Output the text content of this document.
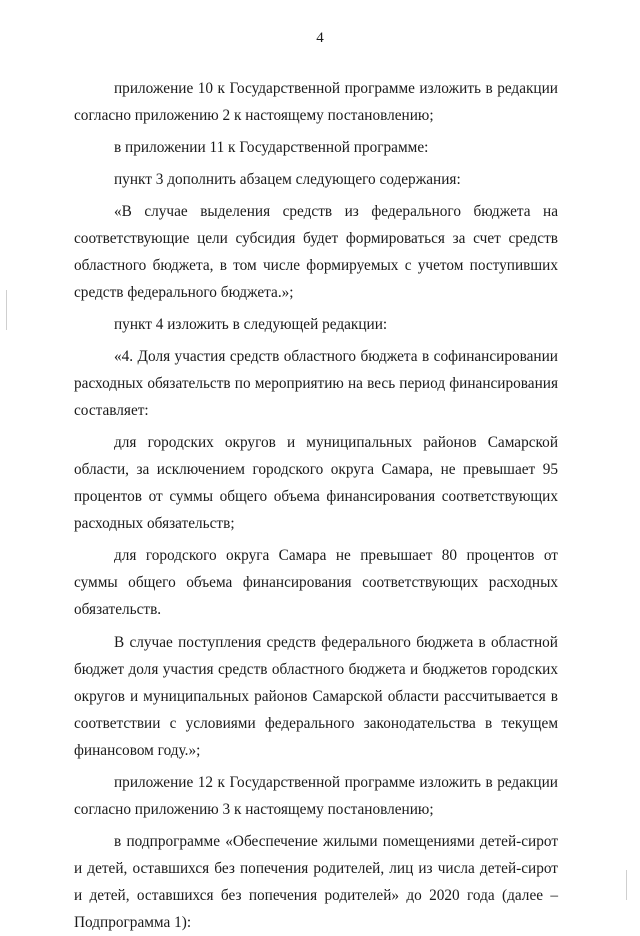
4

приложение 10 к Государственной программе изложить в редакции согласно приложению 2 к настоящему постановлению;

в приложении 11 к Государственной программе:

пункт 3 дополнить абзацем следующего содержания:

«В случае выделения средств из федерального бюджета на соответствующие цели субсидия будет формироваться за счет средств областного бюджета, в том числе формируемых с учетом поступивших средств федерального бюджета.»;

пункт 4 изложить в следующей редакции:

«4. Доля участия средств областного бюджета в софинансировании расходных обязательств по мероприятию на весь период финансирования составляет:

для городских округов и муниципальных районов Самарской области, за исключением городского округа Самара, не превышает 95 процентов от суммы общего объема финансирования соответствующих расходных обязательств;

для городского округа Самара не превышает 80 процентов от суммы общего объема финансирования соответствующих расходных обязательств.

В случае поступления средств федерального бюджета в областной бюджет доля участия средств областного бюджета и бюджетов городских округов и муниципальных районов Самарской области рассчитывается в соответствии с условиями федерального законодательства в текущем финансовом году.»;

приложение 12 к Государственной программе изложить в редакции согласно приложению 3 к настоящему постановлению;

в подпрограмме «Обеспечение жилыми помещениями детей-сирот и детей, оставшихся без попечения родителей, лиц из числа детей-сирот и детей, оставшихся без попечения родителей» до 2020 года (далее – Подпрограмма 1):
